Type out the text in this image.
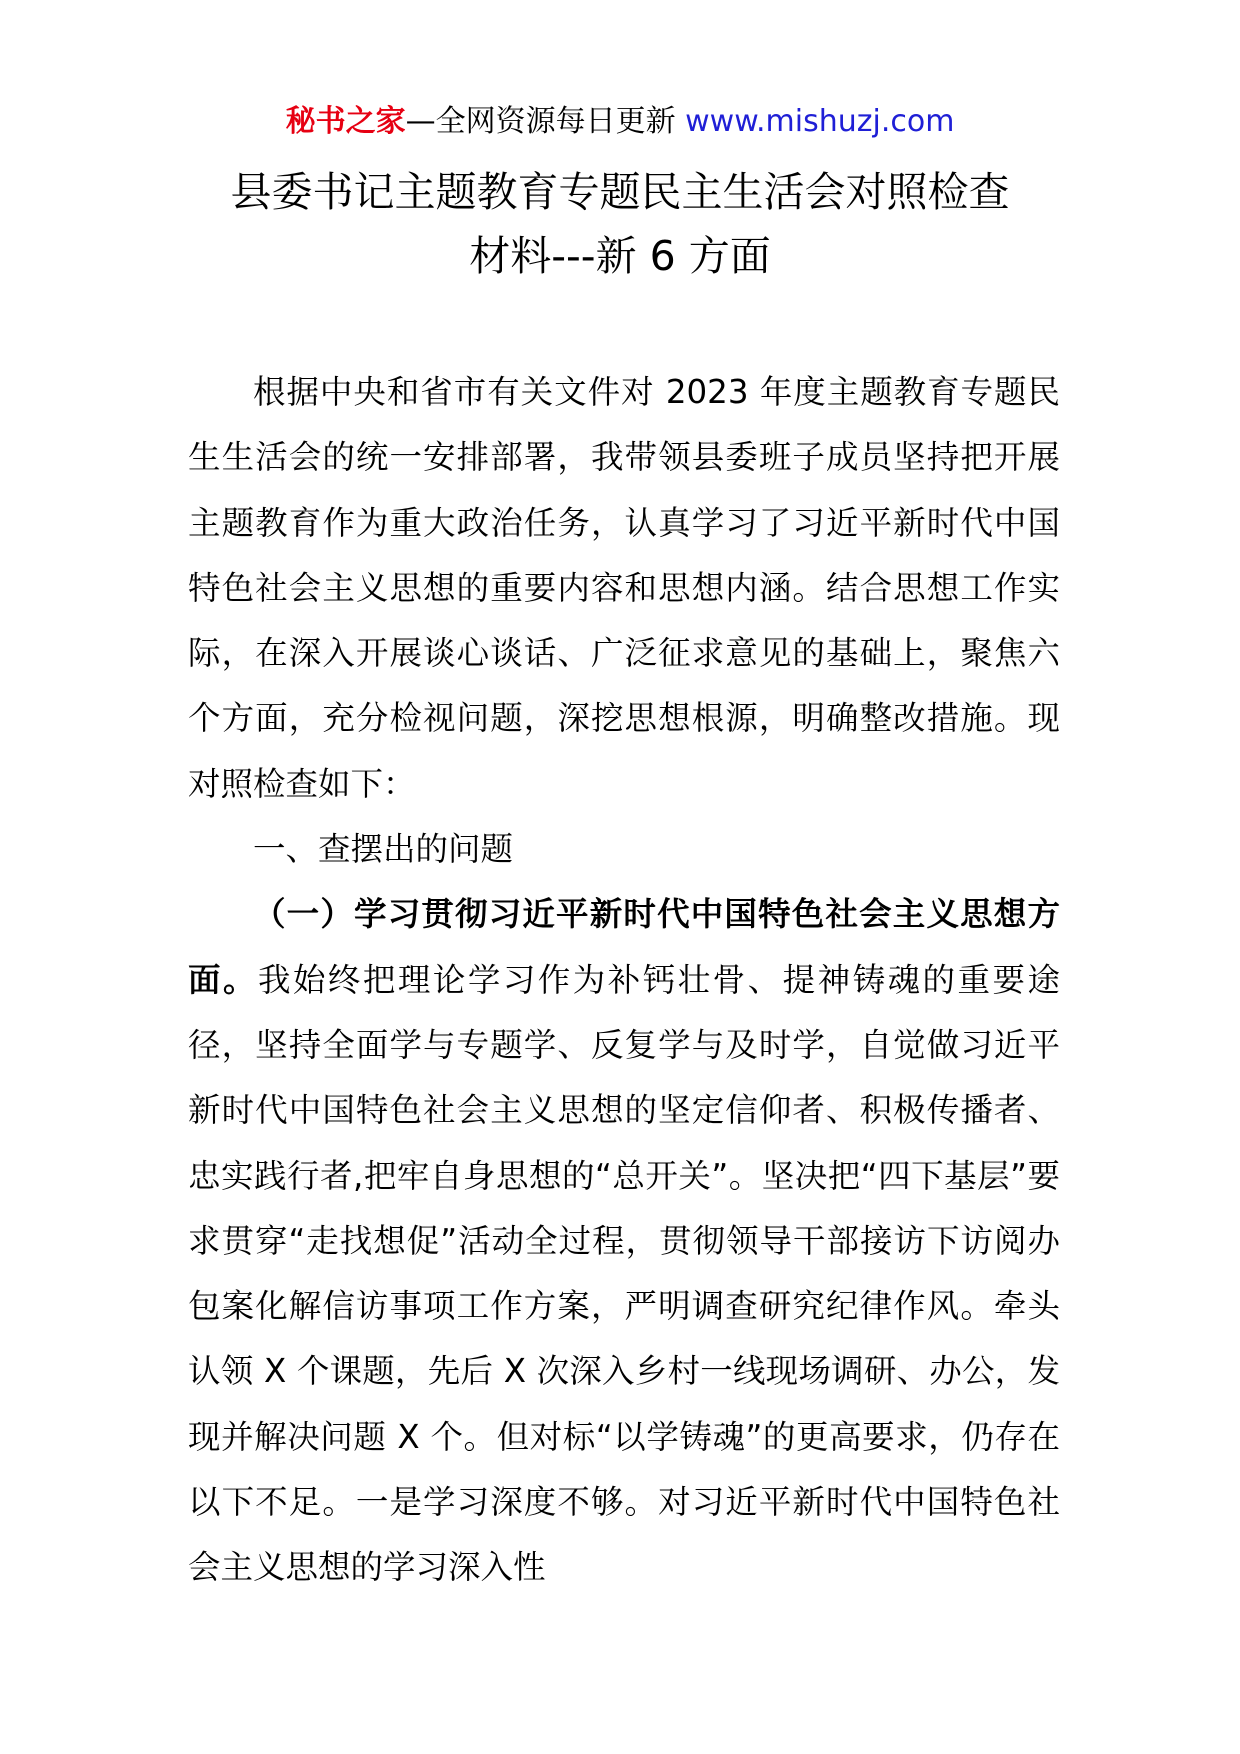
秘书之家—全网资源每日更新 www.mishuzj.com
县委书记主题教育专题民主生活会对照检查
材料---新 6 方面

根据中央和省市有关文件对 2023 年度主题教育专题民生生活会的统一安排部署，我带领县委班子成员坚持把开展主题教育作为重大政治任务，认真学习了习近平新时代中国特色社会主义思想的重要内容和思想内涵。结合思想工作实际，在深入开展谈心谈话、广泛征求意见的基础上，聚焦六个方面，充分检视问题，深挖思想根源，明确整改措施。现对照检查如下：

一、查摆出的问题

（一）学习贯彻习近平新时代中国特色社会主义思想方面。我始终把理论学习作为补钙壮骨、提神铸魂的重要途径，坚持全面学与专题学、反复学与及时学，自觉做习近平新时代中国特色社会主义思想的坚定信仰者、积极传播者、忠实践行者,把牢自身思想的“总开关”。坚决把“四下基层”要求贯穿“走找想促”活动全过程，贯彻领导干部接访下访阅办包案化解信访事项工作方案，严明调查研究纪律作风。牵头认领 X 个课题，先后 X 次深入乡村一线现场调研、办公，发现并解决问题 X 个。但对标“以学铸魂”的更高要求，仍存在以下不足。一是学习深度不够。对习近平新时代中国特色社会主义思想的学习深入性
